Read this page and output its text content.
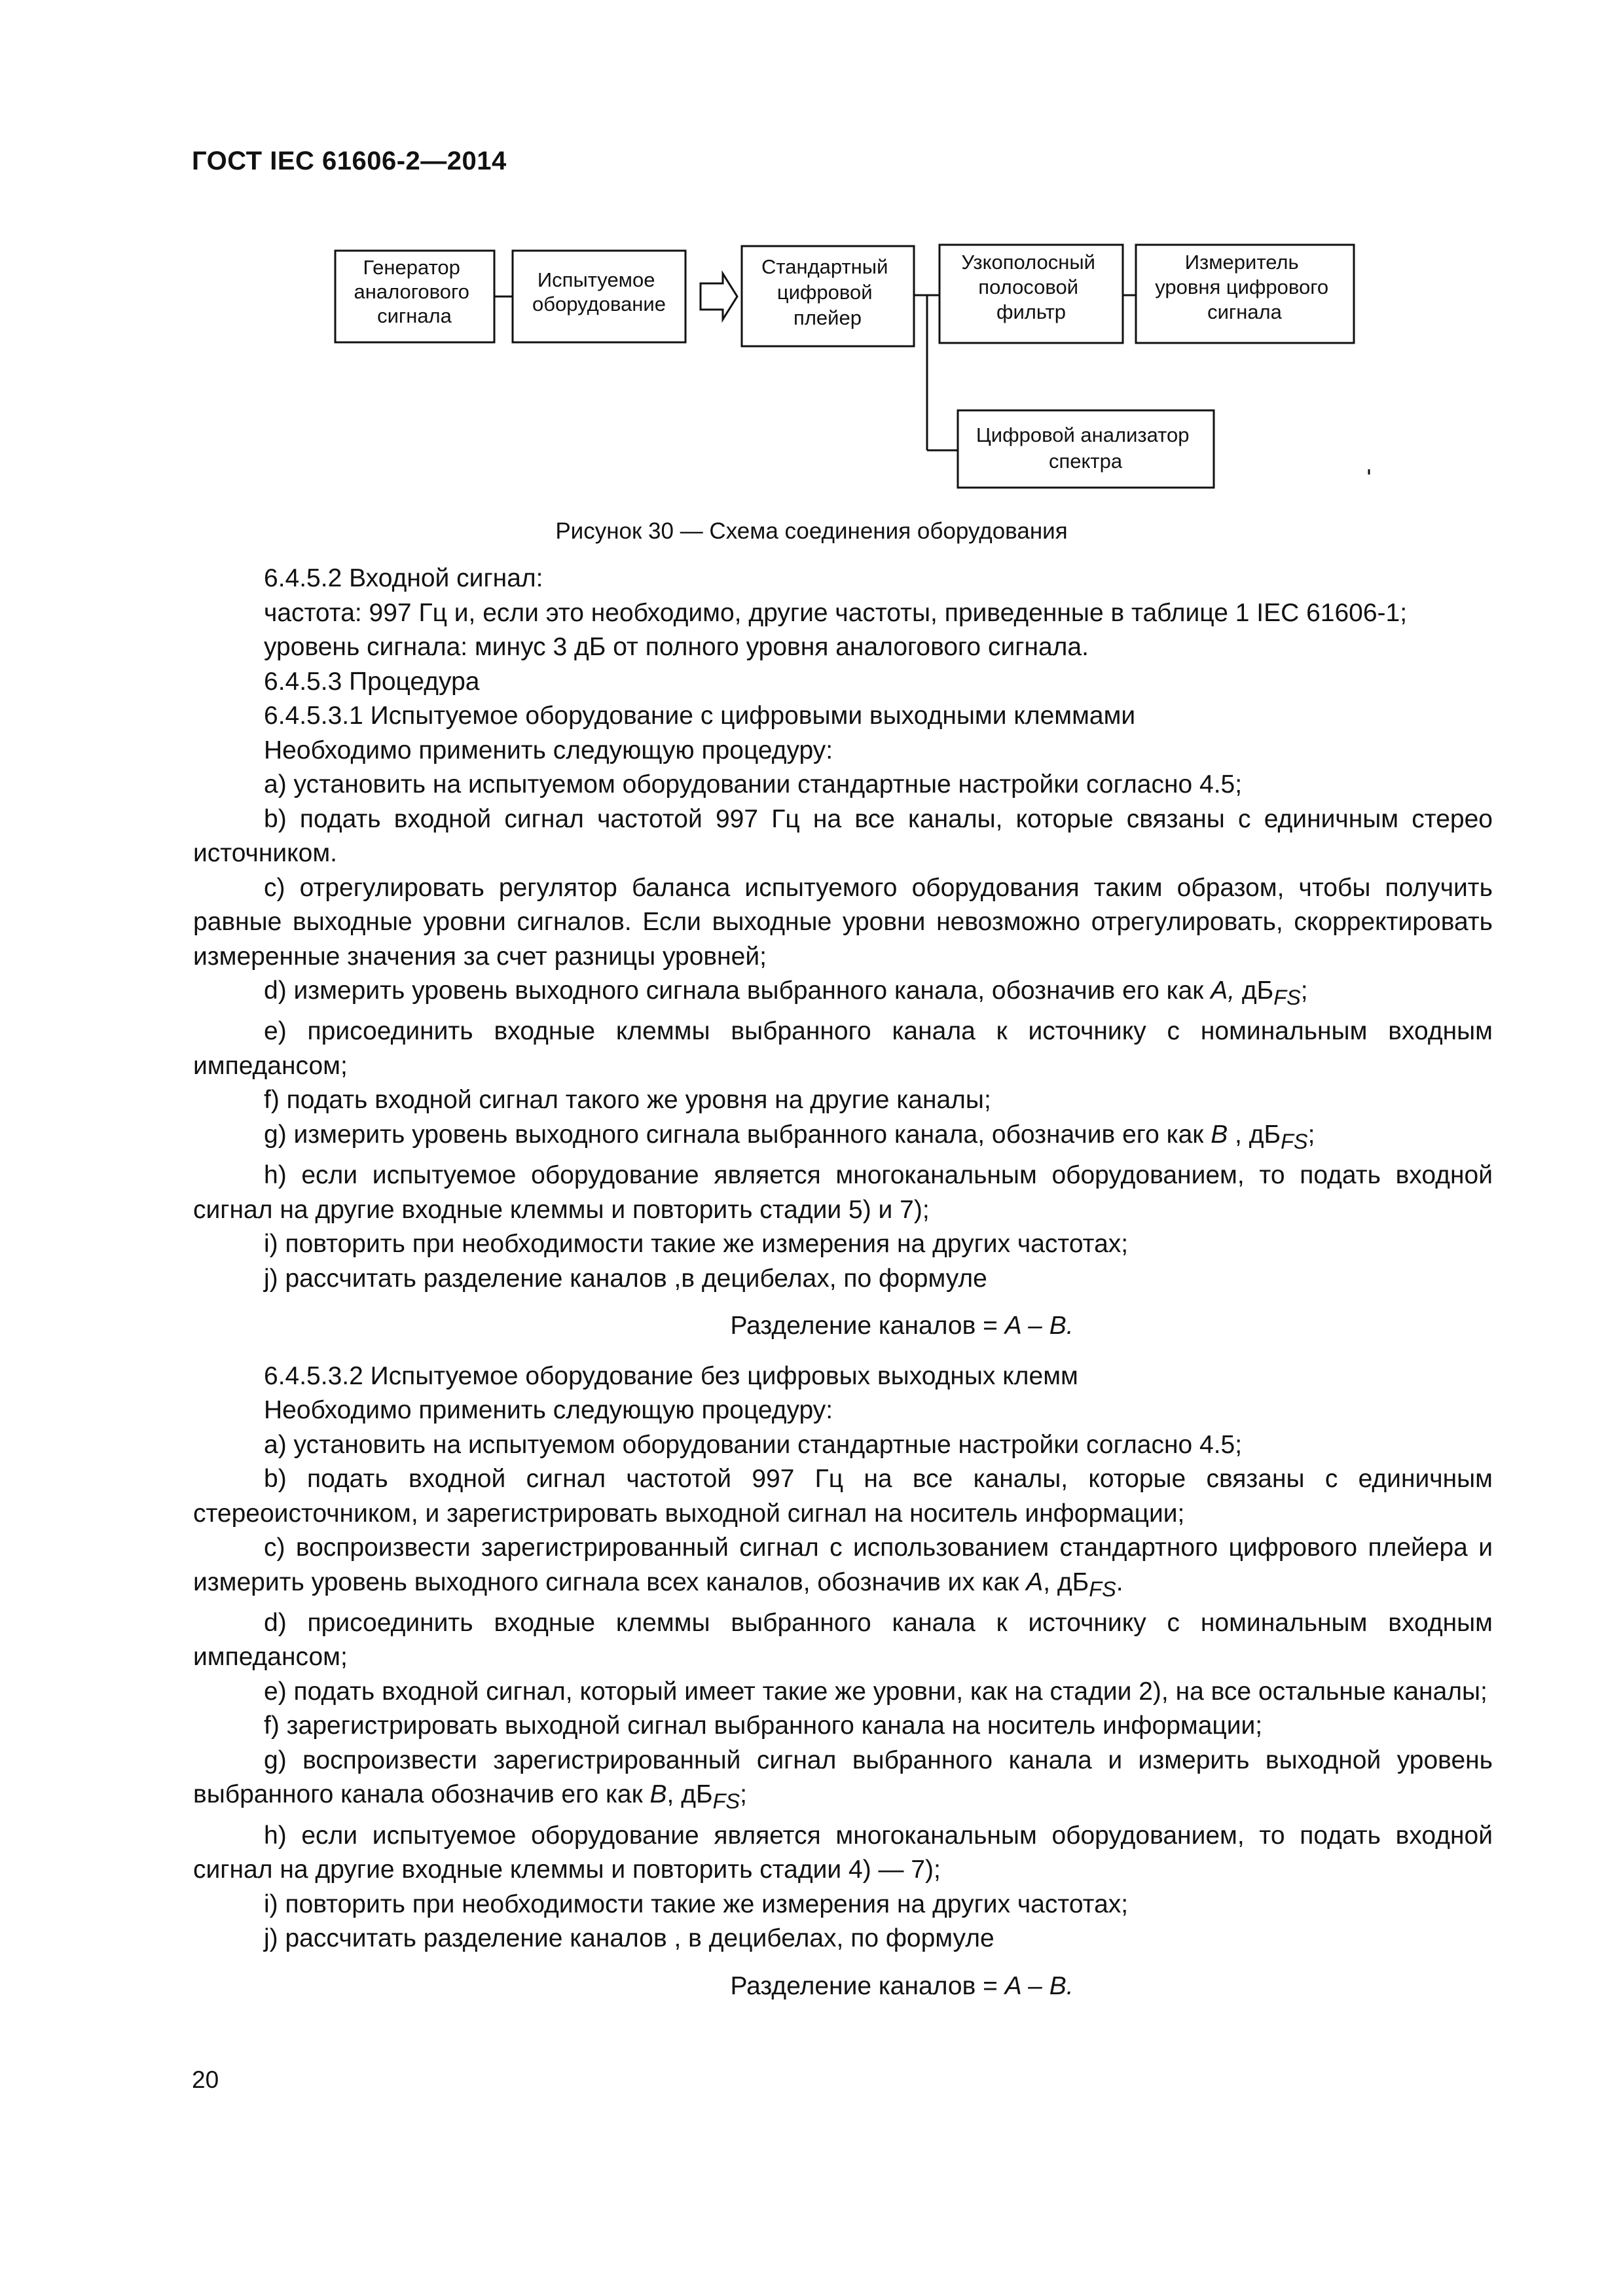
ГОСТ IEC 61606-2—2014

Генератор аналогового сигнала
Испытуемое оборудование
Стандартный цифровой плейер
Узкополосный полосовой фильтр
Измеритель уровня цифрового сигнала
Цифровой анализатор спектра

Рисунок 30 — Схема соединения оборудования

6.4.5.2 Входной сигнал:

частота: 997 Гц и, если это необходимо, другие частоты, приведенные в таблице 1 IEC 61606-1;

уровень сигнала: минус 3 дБ от полного уровня аналогового сигнала.

6.4.5.3 Процедура

6.4.5.3.1 Испытуемое оборудование с цифровыми выходными клеммами

Необходимо применить следующую процедуру:

а) установить на испытуемом оборудовании стандартные настройки согласно 4.5;

b) подать входной сигнал частотой 997 Гц на все каналы, которые связаны с единичным стерео источником.

с) отрегулировать регулятор баланса испытуемого оборудования таким образом, чтобы получить равные выходные уровни сигналов. Если выходные уровни невозможно отрегулировать, скорректировать измеренные значения за счет разницы уровней;

d) измерить уровень выходного сигнала выбранного канала, обозначив его как A, $дБ_{FS}$;

е) присоединить входные клеммы выбранного канала к источнику с номинальным входным импедансом;

f) подать входной сигнал такого же уровня на другие каналы;

g) измерить уровень выходного сигнала выбранного канала, обозначив его как B , $дБ_{FS}$;

h) если испытуемое оборудование является многоканальным оборудованием, то подать входной сигнал на другие входные клеммы и повторить стадии 5) и 7);

i) повторить при необходимости такие же измерения на других частотах;

j) рассчитать разделение каналов ,в децибелах, по формуле

Разделение каналов = A – B.

6.4.5.3.2 Испытуемое оборудование без цифровых выходных клемм

Необходимо применить следующую процедуру:

а) установить на испытуемом оборудовании стандартные настройки согласно 4.5;

b) подать входной сигнал частотой 997 Гц на все каналы, которые связаны с единичным стереоисточником, и зарегистрировать выходной сигнал на носитель информации;

с) воспроизвести зарегистрированный сигнал с использованием стандартного цифрового плейера и измерить уровень выходного сигнала всех каналов, обозначив их как A, $дБ_{FS}$.

d) присоединить входные клеммы выбранного канала к источнику с номинальным входным импедансом;

е) подать входной сигнал, который имеет такие же уровни, как на стадии 2), на все остальные каналы;

f) зарегистрировать выходной сигнал выбранного канала на носитель информации;

g) воспроизвести зарегистрированный сигнал выбранного канала и измерить выходной уровень выбранного канала обозначив его как B, $дБ_{FS}$;

h) если испытуемое оборудование является многоканальным оборудованием, то подать входной сигнал на другие входные клеммы и повторить стадии 4) — 7);

i) повторить при необходимости такие же измерения на других частотах;

j) рассчитать разделение каналов , в децибелах, по формуле

Разделение каналов = A – B.

20
